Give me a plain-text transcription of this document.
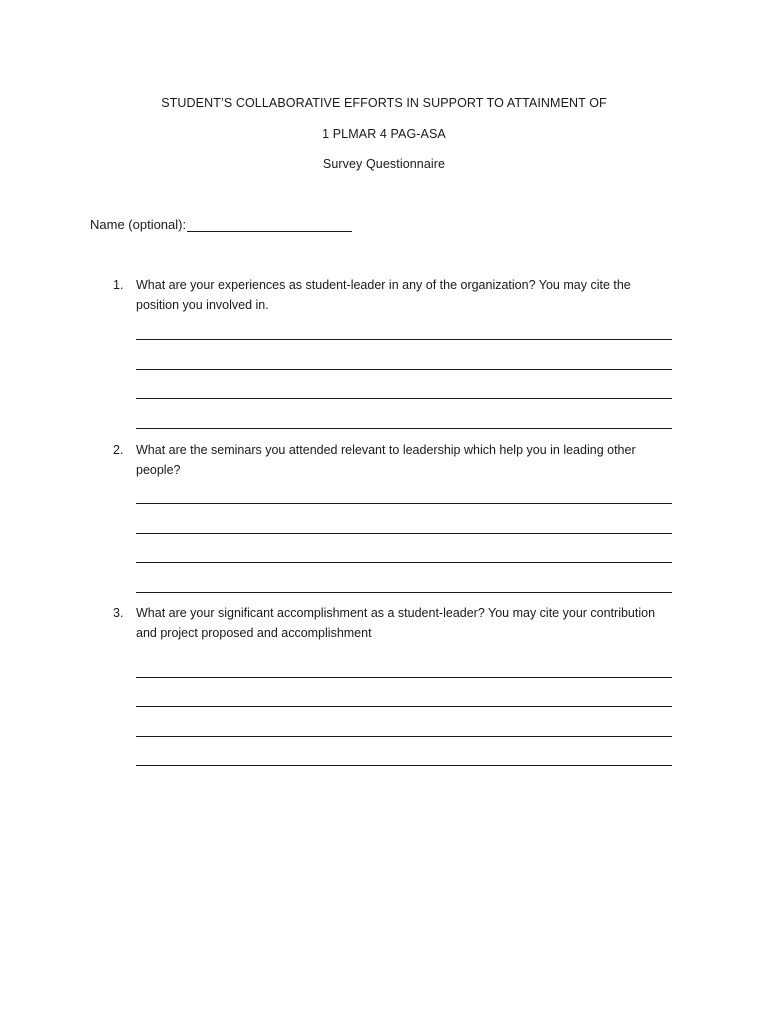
STUDENT’S COLLABORATIVE EFFORTS IN SUPPORT TO ATTAINMENT OF
1 PLMAR 4 PAG-ASA
Survey Questionnaire
Name (optional):
1.	What are your experiences as student-leader in any of the organization? You may cite the position you involved in.
2.	What are the seminars you attended relevant to leadership which help you in leading other people?
3.	What are your significant accomplishment as a student-leader? You may cite your contribution and project proposed and accomplishment
